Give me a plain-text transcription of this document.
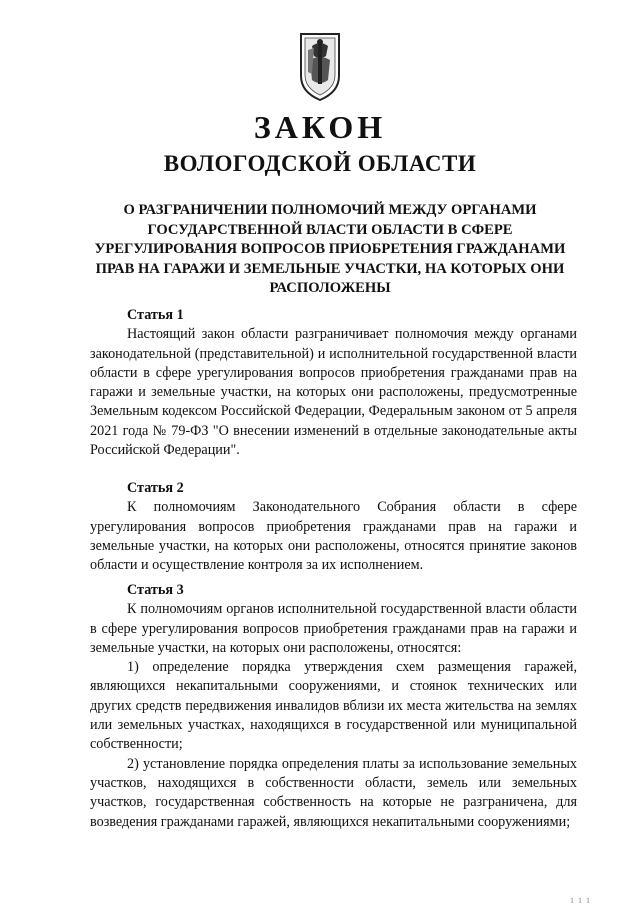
ЗАКОН
ВОЛОГОДСКОЙ ОБЛАСТИ
О РАЗГРАНИЧЕНИИ ПОЛНОМОЧИЙ МЕЖДУ ОРГАНАМИ ГОСУДАРСТВЕННОЙ ВЛАСТИ ОБЛАСТИ В СФЕРЕ УРЕГУЛИРОВАНИЯ ВОПРОСОВ ПРИОБРЕТЕНИЯ ГРАЖДАНАМИ ПРАВ НА ГАРАЖИ И ЗЕМЕЛЬНЫЕ УЧАСТКИ, НА КОТОРЫХ ОНИ РАСПОЛОЖЕНЫ

Статья 1

Настоящий закон области разграничивает полномочия между органами законодательной (представительной) и исполнительной государственной власти области в сфере урегулирования вопросов приобретения гражданами прав на гаражи и земельные участки, на которых они расположены, предусмотренные Земельным кодексом Российской Федерации, Федеральным законом от 5 апреля 2021 года № 79-ФЗ "О внесении изменений в отдельные законодательные акты Российской Федерации".

Статья 2

К полномочиям Законодательного Собрания области в сфере урегулирования вопросов приобретения гражданами прав на гаражи и земельные участки, на которых они расположены, относятся принятие законов области и осуществление контроля за их исполнением.

Статья 3

К полномочиям органов исполнительной государственной власти области в сфере урегулирования вопросов приобретения гражданами прав на гаражи и земельные участки, на которых они расположены, относятся:

1) определение порядка утверждения схем размещения гаражей, являющихся некапитальными сооружениями, и стоянок технических или других средств передвижения инвалидов вблизи их места жительства на землях или земельных участках, находящихся в государственной или муниципальной собственности;

2) установление порядка определения платы за использование земельных участков, находящихся в собственности области, земель или земельных участков, государственная собственность на которые не разграничена, для возведения гражданами гаражей, являющихся некапитальными сооружениями;

1 1 1
